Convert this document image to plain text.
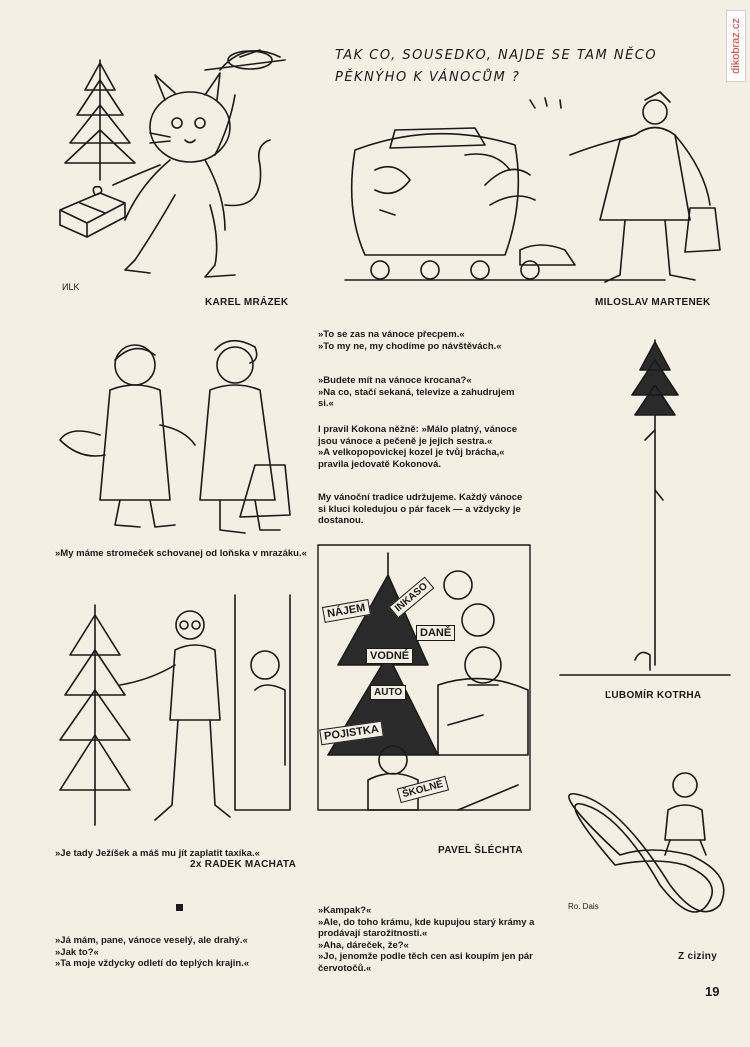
dikobraz.cz
KAREL MRÁZEK
ИLK
TAK CO, SOUSEDKO, NAJDE SE TAM NĚCO
PĚKNÝHO K VÁNOCŮM ?
MILOSLAV MARTENEK
»My máme stromeček schovanej od loňska v mrazáku.«
»To se zas na vánoce přecpem.«
»To my ne, my chodíme po návštěvách.«
»Budete mít na vánoce krocana?«
»Na co, stačí sekaná, televize a zahudrujem si.«
I pravil Kokona něžně: »Málo platný, vánoce jsou vánoce a pečeně je jejich sestra.«
»A velkopopovickej kozel je tvůj brácha,« pravila jedovatě Kokonová.
My vánoční tradice udržujeme. Každý vánoce si kluci koledujou o pár facek — a vždycky je dostanou.
NÁJEM	INKASO
DANĚ
VODNÉ
AUTO
POJISTKA
ŠKOLNÉ
PAVEL ŠLÉCHTA
ĽUBOMÍR KOTRHA
»Je tady Ježíšek a máš mu jít zaplatit taxíka.«
2x RADEK MACHATA
Ro. Dais
Z ciziny
»Já mám, pane, vánoce veselý, ale drahý.«
»Jak to?«
»Ta moje vždycky odletí do teplých krajin.«
»Kampak?«
»Ale, do toho krámu, kde kupujou starý krámy a prodávají starožitnosti.«
»Aha, dáreček, že?«
»Jo, jenomže podle těch cen asi koupím jen pár červotočů.«
19
